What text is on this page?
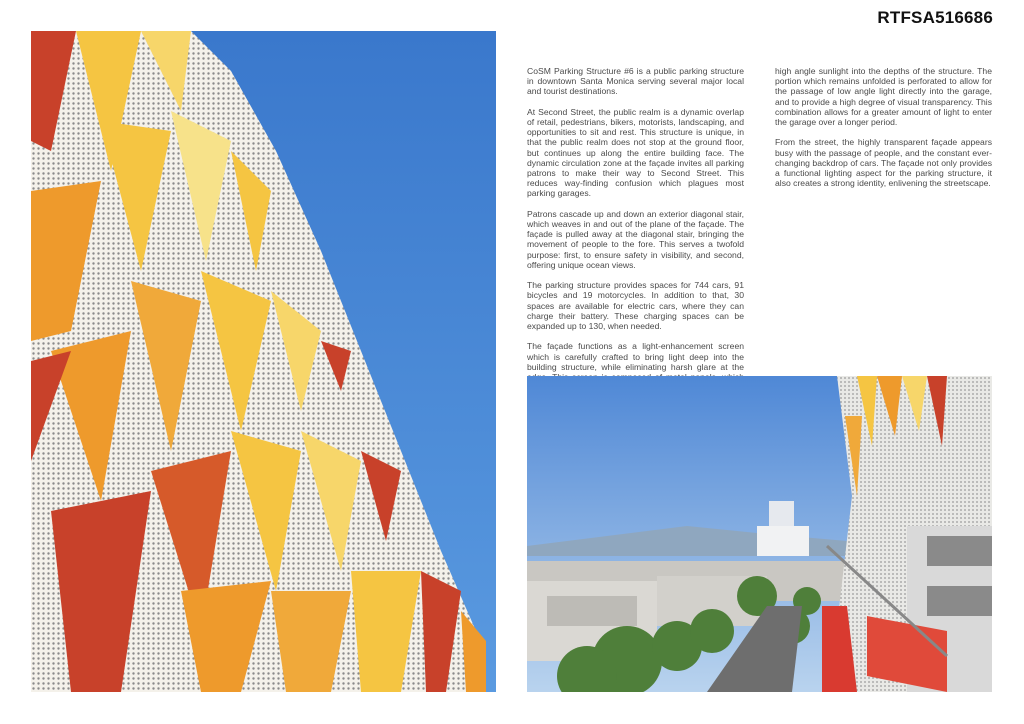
RTFSA516686

CoSM Parking Structure #6 is a public parking structure in downtown Santa Monica serving several major local and tourist destinations.

At Second Street, the public realm is a dynamic overlap of retail, pedestrians, bikers, motorists, landscaping, and opportunities to sit and rest. This structure is unique, in that the public realm does not stop at the ground floor, but continues up along the entire building face. The dynamic circulation zone at the façade invites all parking patrons to make their way to Second Street. This reduces way-finding confusion which plagues most parking garages.

Patrons cascade up and down an exterior diagonal stair, which weaves in and out of the plane of the façade. The façade is pulled away at the diagonal stair, bringing the movement of people to the fore. This serves a twofold purpose: first, to ensure safety in visibility, and second, offering unique ocean views.

The parking structure provides spaces for 744 cars, 91 bicycles and 19 motorcycles. In addition to that, 30 spaces are available for electric cars, where they can charge their battery. These charging spaces can be expanded up to 130, when needed.

The façade functions as a light-enhancement screen which is carefully crafted to bring light deep into the building structure, while eliminating harsh glare at the

high angle sunlight into the depths of the structure. The portion which remains unfolded is perforated to allow for the passage of low angle light directly into the garage, and to provide a high degree of visual transparency. This combination allows for a greater amount of light to enter the garage over a longer period.

From the street, the highly transparent façade appears busy with the passage of people, and the constant ever-changing backdrop of cars. The façade not only provides a functional lighting aspect for the parking structure, it also creates a strong identity, enlivening the streetscape.
